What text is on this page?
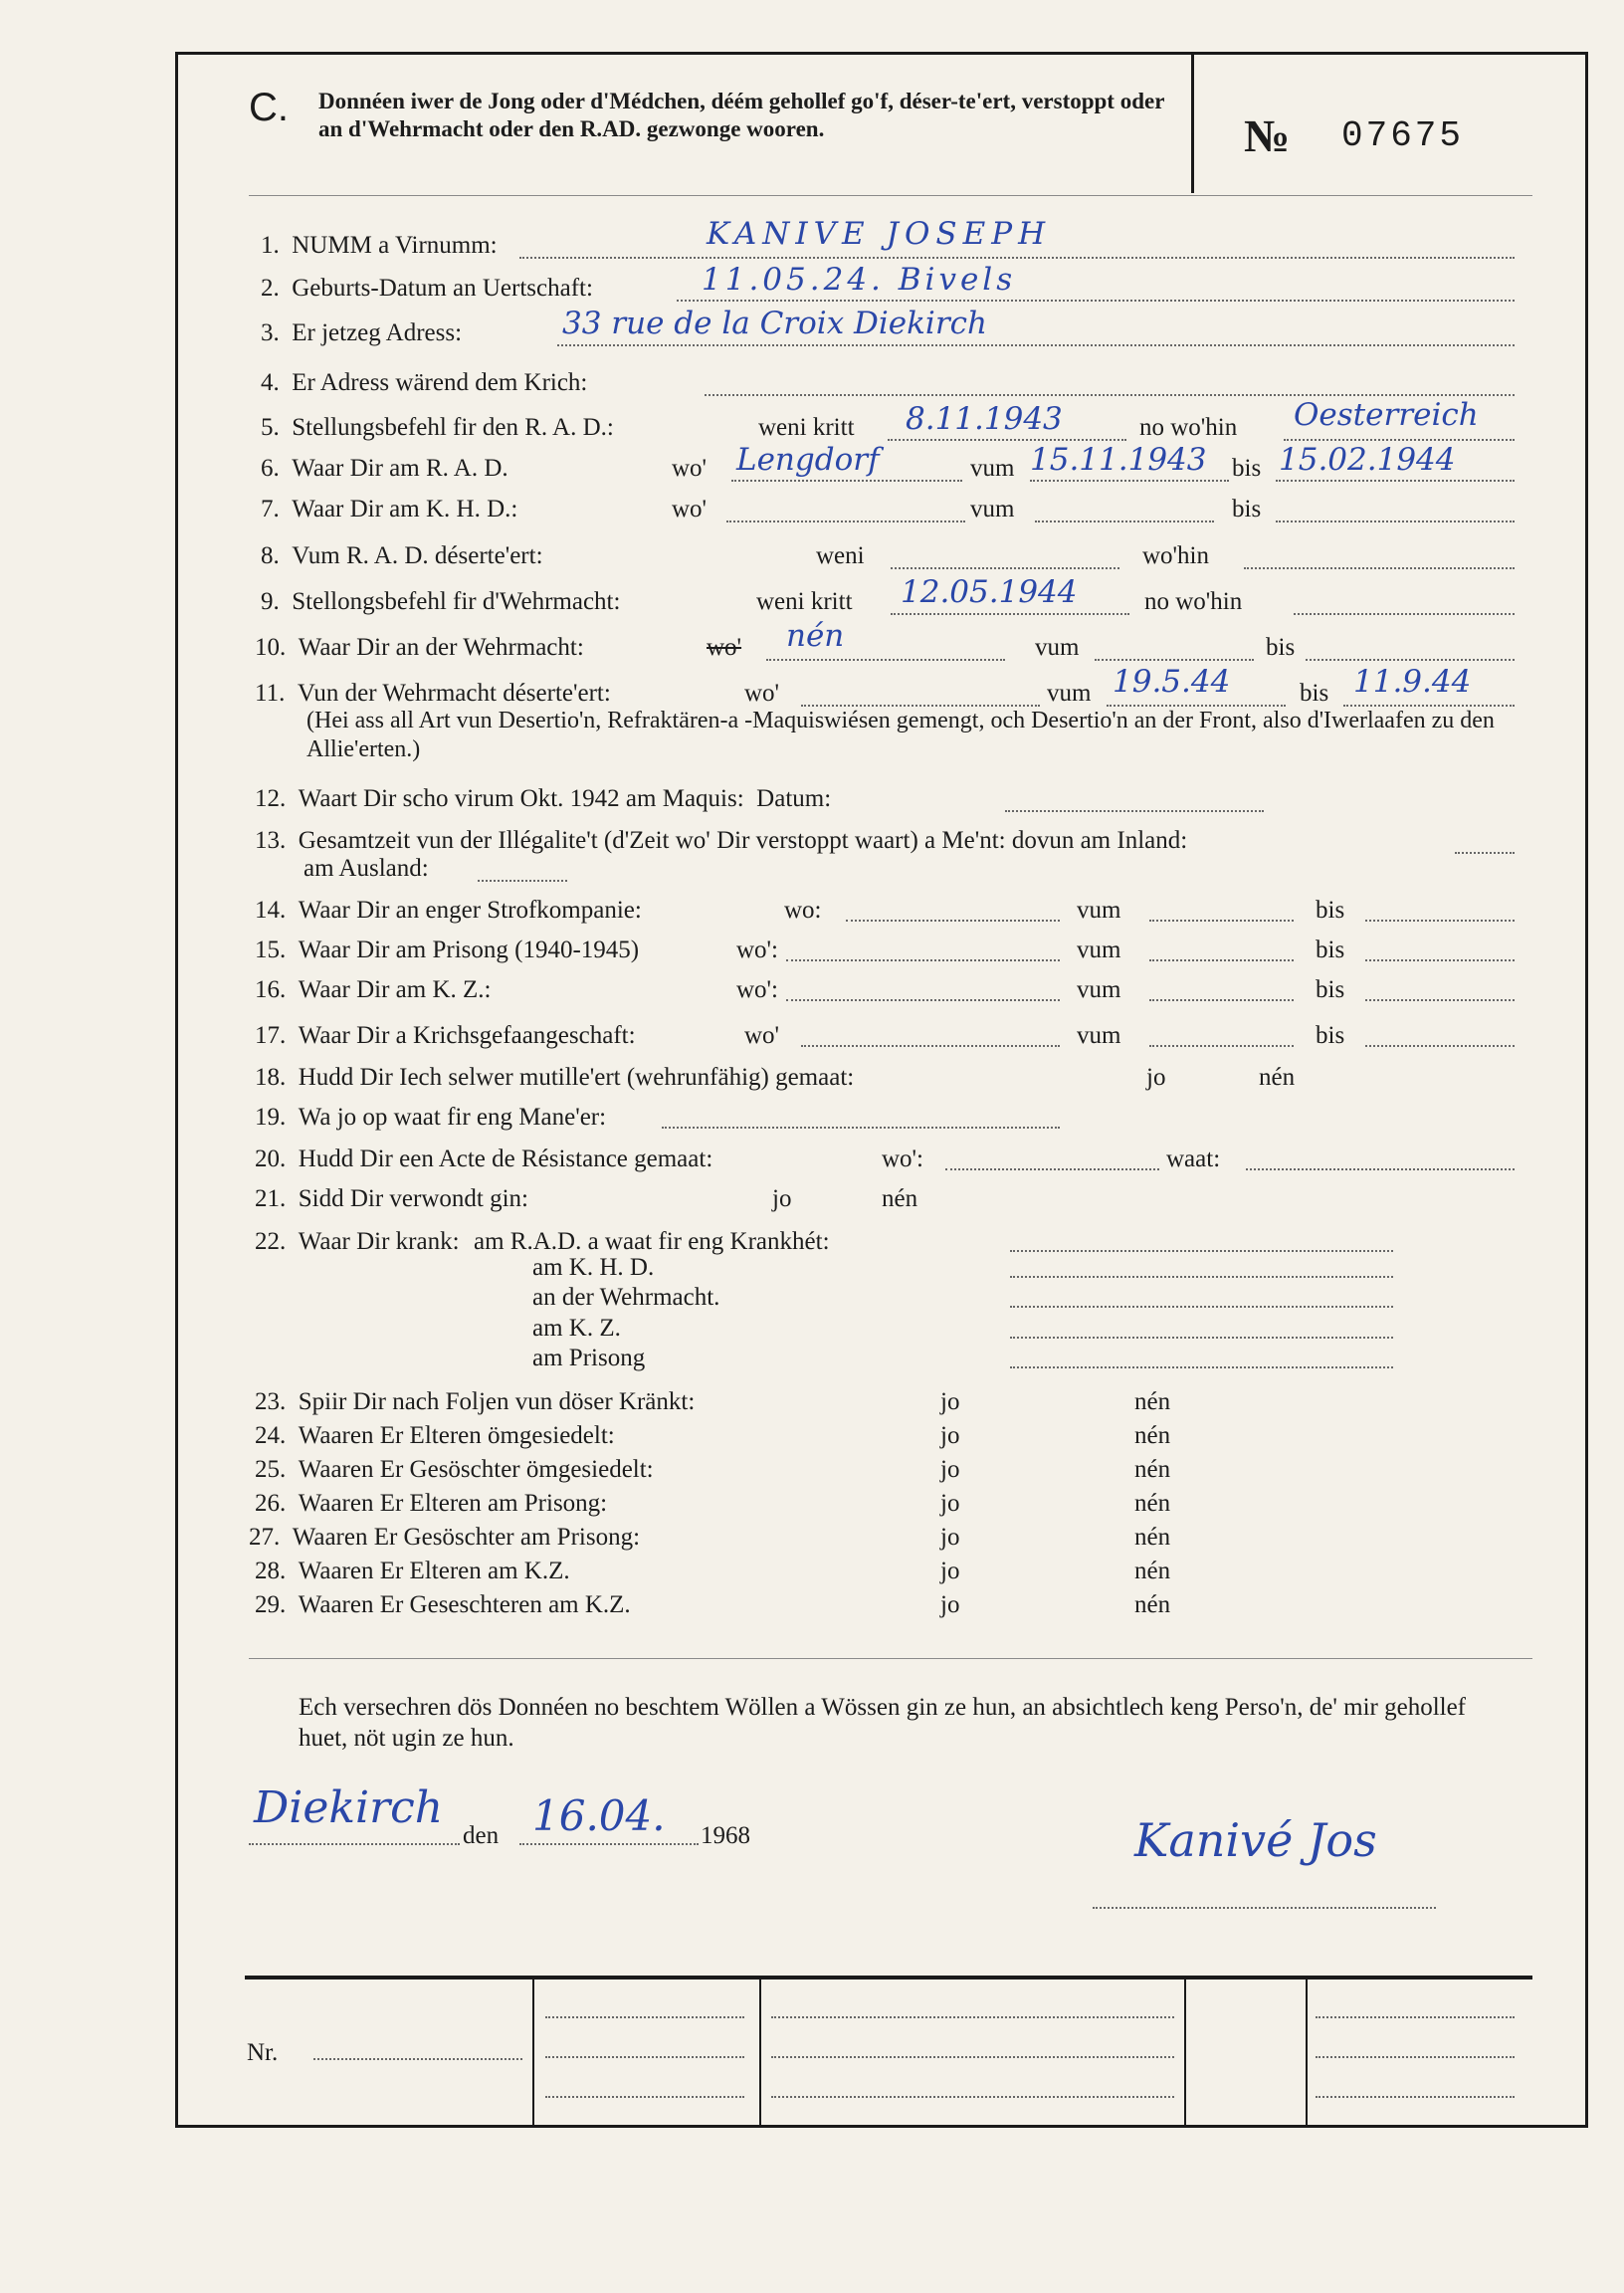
C. Donnéen iwer de Jong oder d'Médchen, déém gehollef go'f, déser-te'ert, verstoppt oder an d'Wehrmacht oder den R.AD. gezwonge wooren.	№ 07675
1. NUMM a Virnumm:	KANIVE JOSEPH
2. Geburts-Datum an Uertschaft:	11.05.24. Bivels
3. Er jetzeg Adress:	33 rue de la Croix Diekirch
4. Er Adress wärend dem Krich:
5. Stellungsbefehl fir den R. A. D.:	weni kritt 8.11.1943	no wo'hin Oesterreich
6. Waar Dir am R. A. D.	wo' Lengdorf	vum 15.11.1943 bis 15.02.1944
7. Waar Dir am K. H. D.:	wo'	vum	bis
8. Vum R. A. D. déserte'ert:	weni	wo'hin
9. Stellongsbefehl fir d'Wehrmacht:	weni kritt 12.05.1944	no wo'hin
10. Waar Dir an der Wehrmacht:	wo' nén	vum	bis
11. Vun der Wehrmacht déserte'ert:	wo'	vum 19.5.44	bis 11.9.44
(Hei ass all Art vun Desertio'n, Refraktären-a -Maquiswiésen gemengt, och Desertio'n an der Front, also d'Iwerlaafen zu den Allie'erten.)
12. Waart Dir scho virum Okt. 1942 am Maquis: Datum:
13. Gesamtzeit vun der Illégalite't (d'Zeit wo' Dir verstoppt waart) a Me'nt: dovun am Inland:
am Ausland:
14. Waar Dir an enger Strofkompanie:	wo:	vum	bis
15. Waar Dir am Prisong (1940-1945)	wo':	vum	bis
16. Waar Dir am K. Z.:	wo':	vum	bis
17. Waar Dir a Krichsgefaangeschaft:	wo'	vum	bis
18. Hudd Dir Iech selwer mutille'ert (wehrunfähig) gemaat:	jo	nén
19. Wa jo op waat fir eng Mane'er:
20. Hudd Dir een Acte de Résistance gemaat:	wo':	waat:
21. Sidd Dir verwondt gin:	jo	nén
22. Waar Dir krank: am R.A.D. a waat fir eng Krankhét:
am K. H. D.
an der Wehrmacht.
am K. Z.
am Prisong
23. Spiir Dir nach Foljen vun döser Kränkt:	jo	nén
24. Waaren Er Elteren ömgesiedelt:	jo	nén
25. Waaren Er Gesöschter ömgesiedelt:	jo	nén
26. Waaren Er Elteren am Prisong:	jo	nén
27. Waaren Er Gesöschter am Prisong:	jo	nén
28. Waaren Er Elteren am K.Z.	jo	nén
29. Waaren Er Geseschteren am K.Z.	jo	nén
Ech versechren dös Donnéen no beschtem Wöllen a Wössen gin ze hun, an absichtlech keng Perso'n, de' mir gehollef huet, nöt ugin ze hun.
Diekirch
den 16.04. 1968	Kanivé Jos
Nr.
